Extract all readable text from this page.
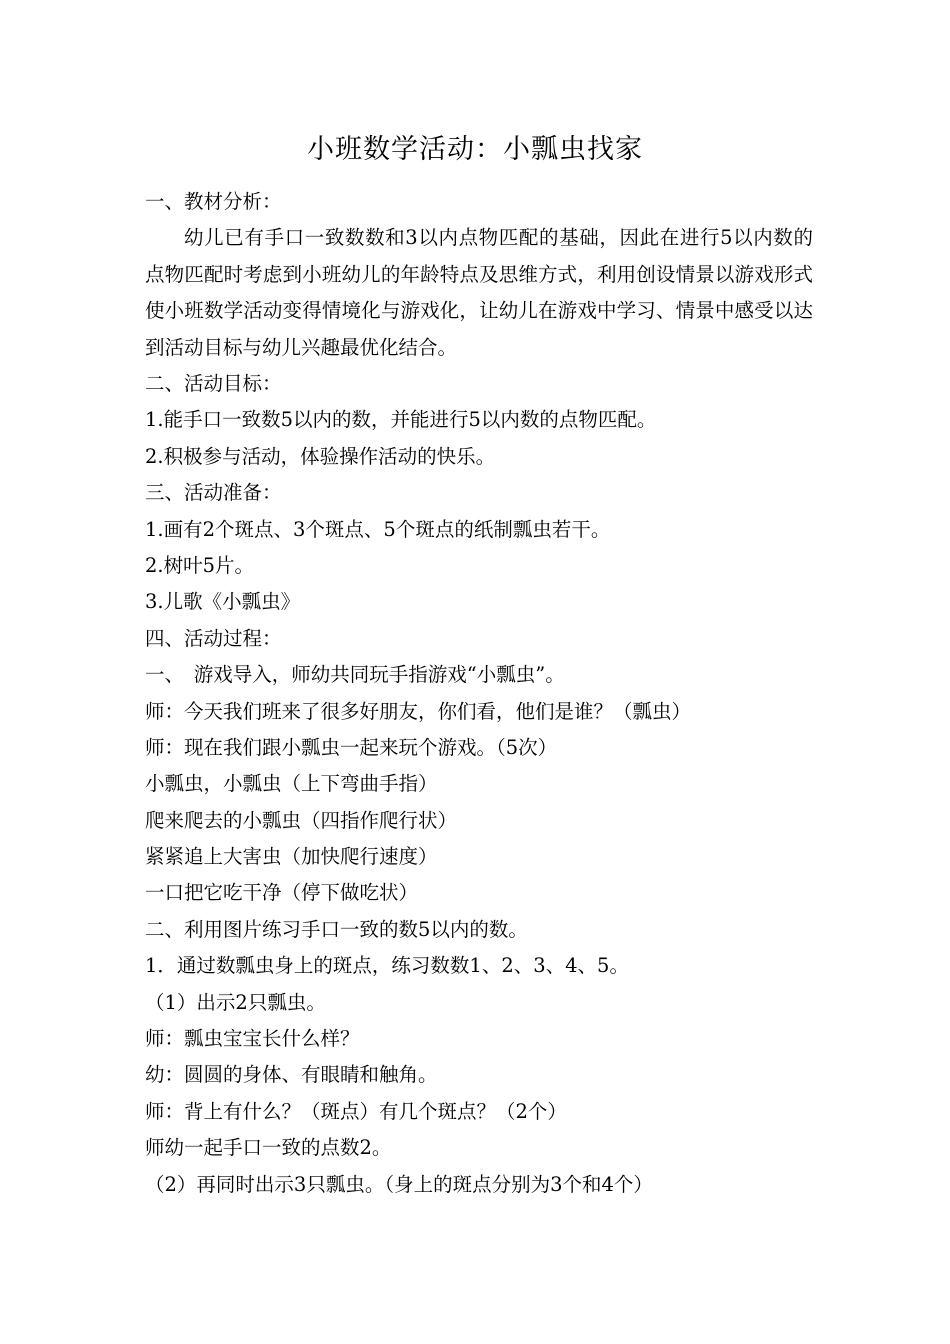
小班数学活动：小瓢虫找家

一、教材分析：

幼儿已有手口一致数数和3以内点物匹配的基础，因此在进行5以内数的点物匹配时考虑到小班幼儿的年龄特点及思维方式，利用创设情景以游戏形式使小班数学活动变得情境化与游戏化，让幼儿在游戏中学习、情景中感受以达到活动目标与幼儿兴趣最优化结合。

二、活动目标：

1.能手口一致数5以内的数，并能进行5以内数的点物匹配。

2.积极参与活动，体验操作活动的快乐。

三、活动准备：

1.画有2个斑点、3个斑点、5个斑点的纸制瓢虫若干。

2.树叶5片。

3.儿歌《小瓢虫》

四、活动过程：

一、　游戏导入，师幼共同玩手指游戏“小瓢虫”。

师：今天我们班来了很多好朋友，你们看，他们是谁？（瓢虫）

师：现在我们跟小瓢虫一起来玩个游戏。（5次）

小瓢虫，小瓢虫（上下弯曲手指）

爬来爬去的小瓢虫（四指作爬行状）

紧紧追上大害虫（加快爬行速度）

一口把它吃干净（停下做吃状）

二、利用图片练习手口一致的数5以内的数。

1．通过数瓢虫身上的斑点，练习数数1、2、3、4、5。

（1）出示2只瓢虫。

师：瓢虫宝宝长什么样？

幼：圆圆的身体、有眼睛和触角。

师：背上有什么？（斑点）有几个斑点？（2个）

师幼一起手口一致的点数2。

（2）再同时出示3只瓢虫。（身上的斑点分别为3个和4个）
